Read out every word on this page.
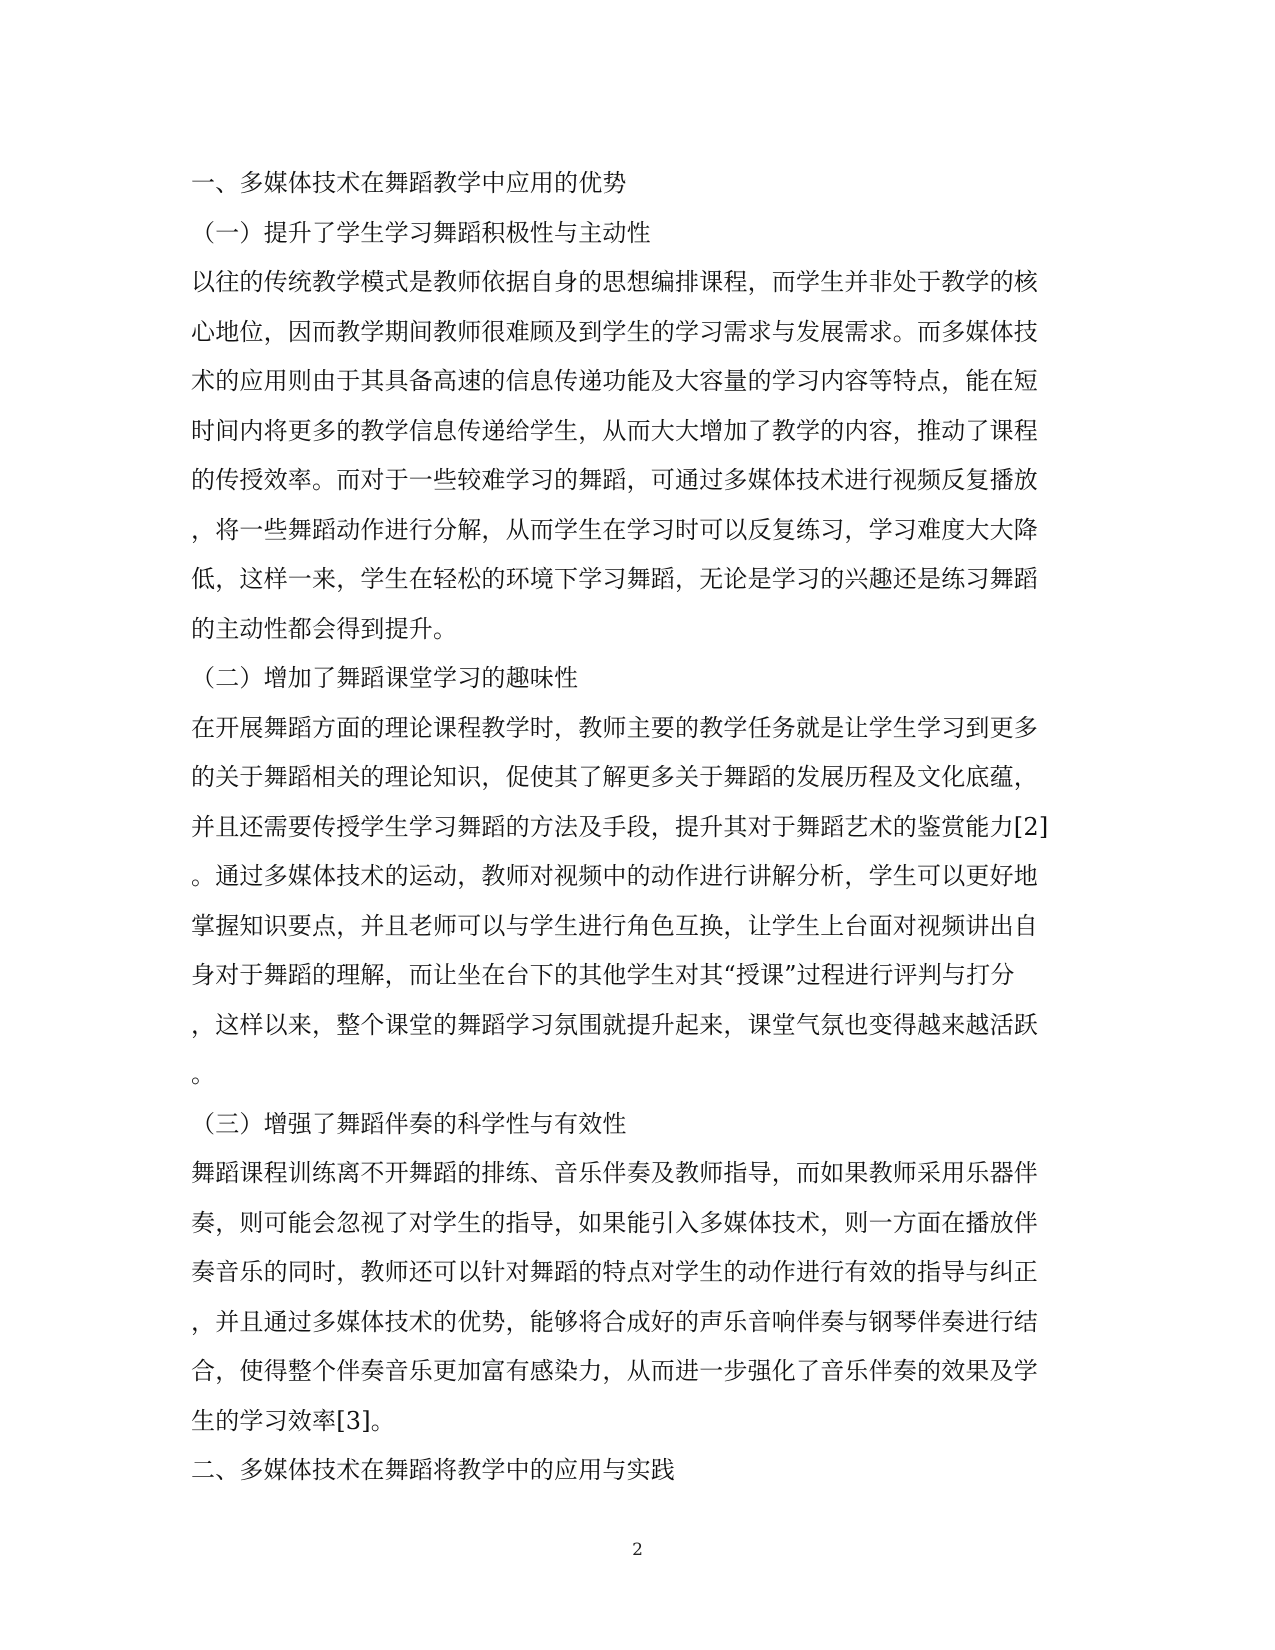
一、多媒体技术在舞蹈教学中应用的优势
（一）提升了学生学习舞蹈积极性与主动性
以往的传统教学模式是教师依据自身的思想编排课程，而学生并非处于教学的核
心地位，因而教学期间教师很难顾及到学生的学习需求与发展需求。而多媒体技
术的应用则由于其具备高速的信息传递功能及大容量的学习内容等特点，能在短
时间内将更多的教学信息传递给学生，从而大大增加了教学的内容，推动了课程
的传授效率。而对于一些较难学习的舞蹈，可通过多媒体技术进行视频反复播放
，将一些舞蹈动作进行分解，从而学生在学习时可以反复练习，学习难度大大降
低，这样一来，学生在轻松的环境下学习舞蹈，无论是学习的兴趣还是练习舞蹈
的主动性都会得到提升。
（二）增加了舞蹈课堂学习的趣味性
在开展舞蹈方面的理论课程教学时，教师主要的教学任务就是让学生学习到更多
的关于舞蹈相关的理论知识，促使其了解更多关于舞蹈的发展历程及文化底蕴，
并且还需要传授学生学习舞蹈的方法及手段，提升其对于舞蹈艺术的鉴赏能力[2]
。通过多媒体技术的运动，教师对视频中的动作进行讲解分析，学生可以更好地
掌握知识要点，并且老师可以与学生进行角色互换，让学生上台面对视频讲出自
身对于舞蹈的理解，而让坐在台下的其他学生对其“授课”过程进行评判与打分
，这样以来，整个课堂的舞蹈学习氛围就提升起来，课堂气氛也变得越来越活跃
。
（三）增强了舞蹈伴奏的科学性与有效性
舞蹈课程训练离不开舞蹈的排练、音乐伴奏及教师指导，而如果教师采用乐器伴
奏，则可能会忽视了对学生的指导，如果能引入多媒体技术，则一方面在播放伴
奏音乐的同时，教师还可以针对舞蹈的特点对学生的动作进行有效的指导与纠正
，并且通过多媒体技术的优势，能够将合成好的声乐音响伴奏与钢琴伴奏进行结
合，使得整个伴奏音乐更加富有感染力，从而进一步强化了音乐伴奏的效果及学
生的学习效率[3]。
二、多媒体技术在舞蹈将教学中的应用与实践
2
